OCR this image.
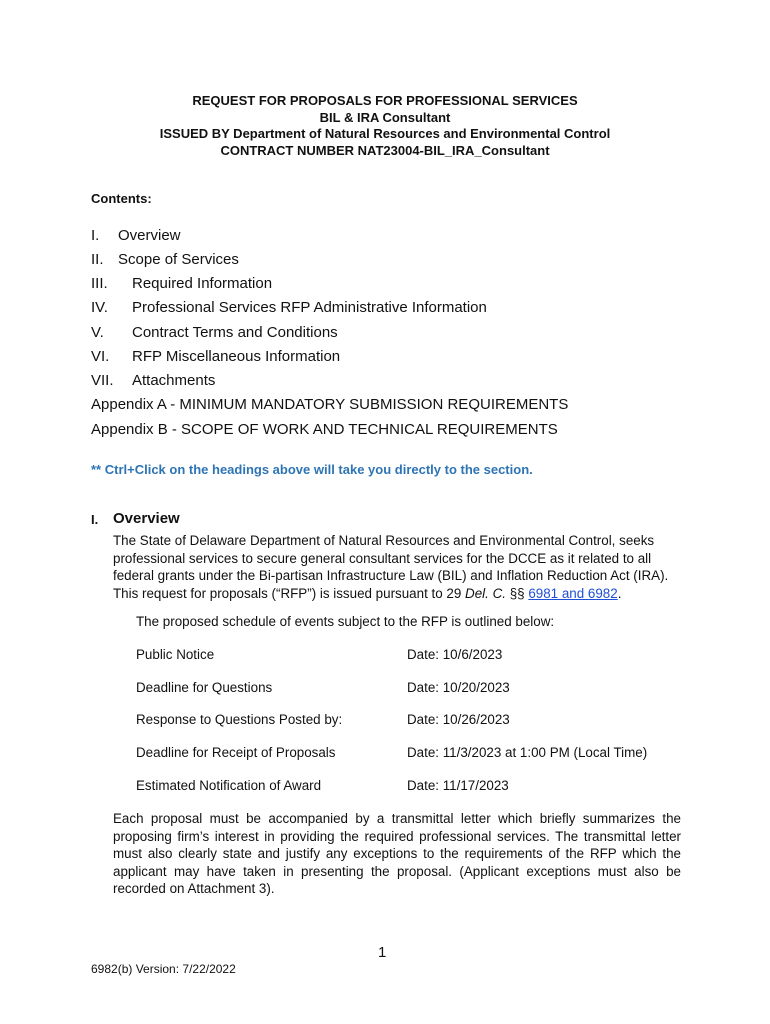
REQUEST FOR PROPOSALS FOR PROFESSIONAL SERVICES
BIL & IRA Consultant
ISSUED BY Department of Natural Resources and Environmental Control
CONTRACT NUMBER NAT23004-BIL_IRA_Consultant
Contents:
I. Overview
II. Scope of Services
III. Required Information
IV. Professional Services RFP Administrative Information
V. Contract Terms and Conditions
VI. RFP Miscellaneous Information
VII. Attachments
Appendix A - MINIMUM MANDATORY SUBMISSION REQUIREMENTS
Appendix B - SCOPE OF WORK AND TECHNICAL REQUIREMENTS
** Ctrl+Click on the headings above will take you directly to the section.
I. Overview
The State of Delaware Department of Natural Resources and Environmental Control, seeks professional services to secure general consultant services for the DCCE as it related to all federal grants under the Bi-partisan Infrastructure Law (BIL) and Inflation Reduction Act (IRA). This request for proposals (“RFP”) is issued pursuant to 29 Del. C. §§ 6981 and 6982.
The proposed schedule of events subject to the RFP is outlined below:
Public Notice	Date: 10/6/2023
Deadline for Questions	Date: 10/20/2023
Response to Questions Posted by:	Date: 10/26/2023
Deadline for Receipt of Proposals	Date: 11/3/2023 at 1:00 PM (Local Time)
Estimated Notification of Award	Date: 11/17/2023
Each proposal must be accompanied by a transmittal letter which briefly summarizes the proposing firm’s interest in providing the required professional services. The transmittal letter must also clearly state and justify any exceptions to the requirements of the RFP which the applicant may have taken in presenting the proposal. (Applicant exceptions must also be recorded on Attachment 3).
1
6982(b) Version: 7/22/2022
